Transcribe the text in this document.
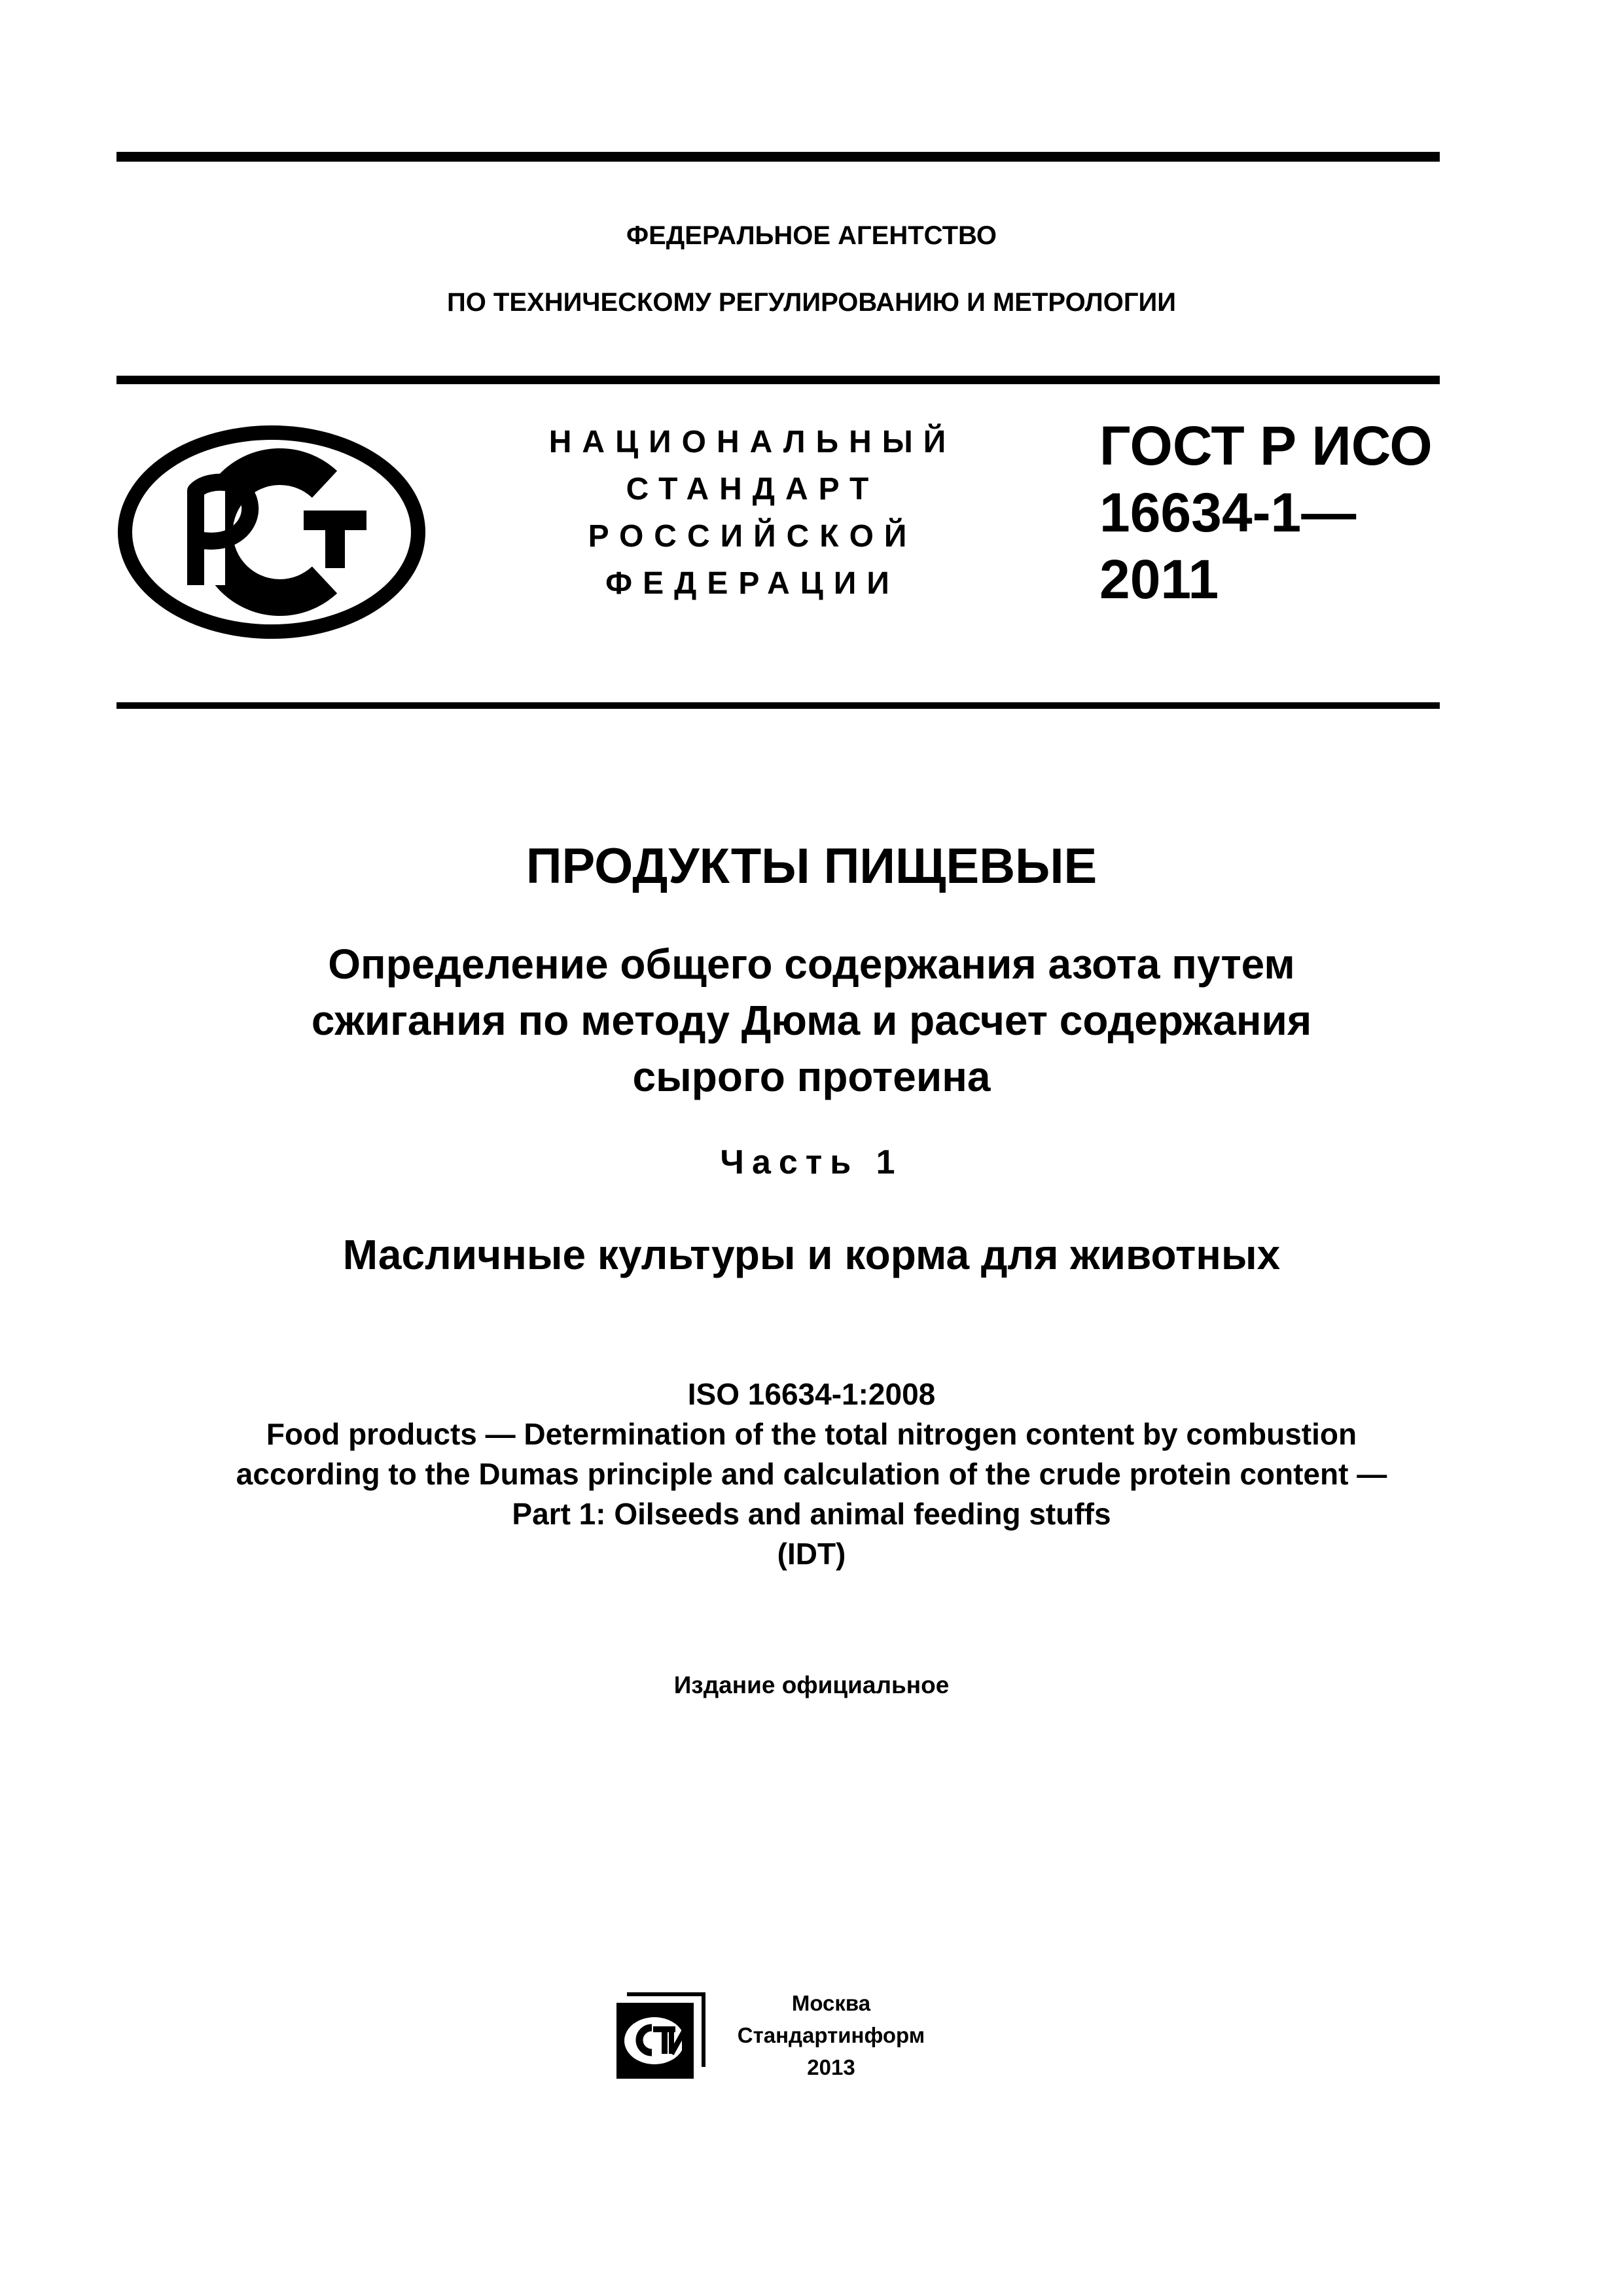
ФЕДЕРАЛЬНОЕ АГЕНТСТВО
ПО ТЕХНИЧЕСКОМУ РЕГУЛИРОВАНИЮ И МЕТРОЛОГИИ
НАЦИОНАЛЬНЫЙ
СТАНДАРТ
РОССИЙСКОЙ
ФЕДЕРАЦИИ
ГОСТ Р ИСО
16634-1—
2011
ПРОДУКТЫ ПИЩЕВЫЕ
Определение общего содержания азота путем
сжигания по методу Дюма и расчет содержания
сырого протеина
Часть 1
Масличные культуры и корма для животных
ISO 16634-1:2008
Food products — Determination of the total nitrogen content by combustion
according to the Dumas principle and calculation of the crude protein content —
Part 1: Oilseeds and animal feeding stuffs
(IDT)
Издание официальное
Москва
Стандартинформ
2013
